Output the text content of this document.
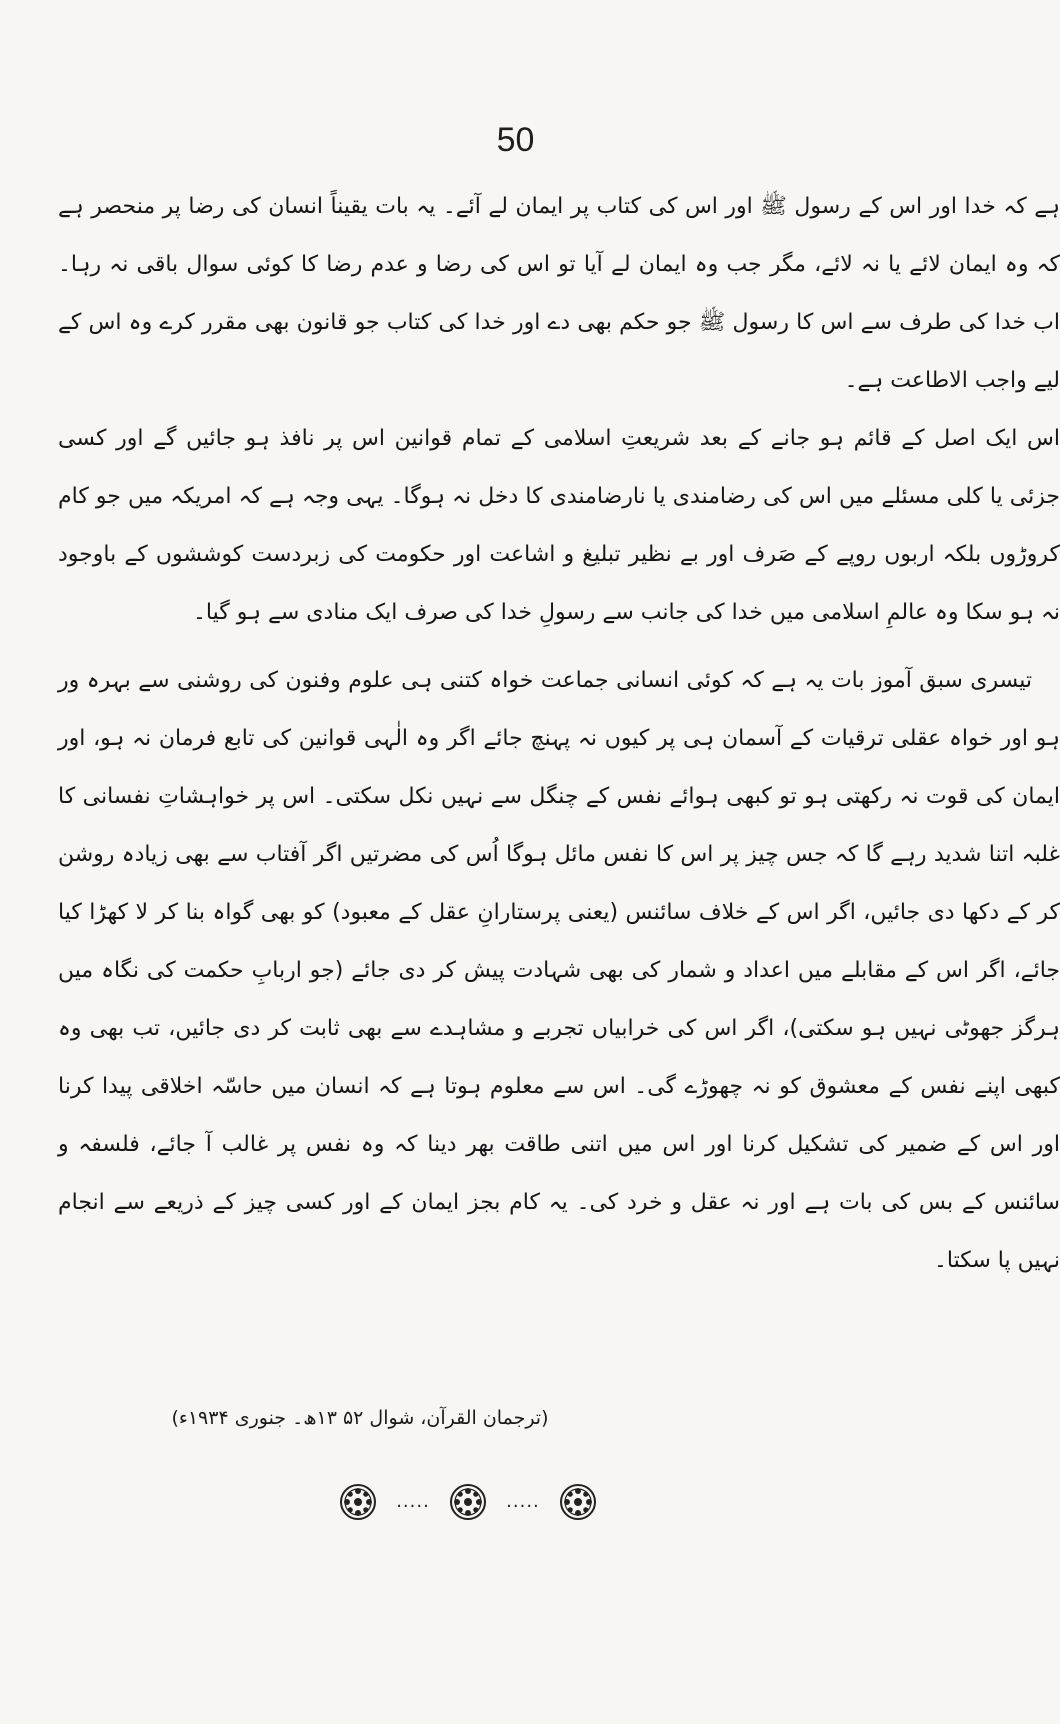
50

ہے کہ خدا اور اس کے رسول ﷺ اور اس کی کتاب پر ایمان لے آئے۔ یہ بات یقیناً انسان کی رضا پر منحصر ہے کہ وہ ایمان لائے یا نہ لائے، مگر جب وہ ایمان لے آیا تو اس کی رضا و عدم رضا کا کوئی سوال باقی نہ رہا۔ اب خدا کی طرف سے اس کا رسول ﷺ جو حکم بھی دے اور خدا کی کتاب جو قانون بھی مقرر کرے وہ اس کے لیے واجب الاطاعت ہے۔

اس ایک اصل کے قائم ہو جانے کے بعد شریعتِ اسلامی کے تمام قوانین اس پر نافذ ہو جائیں گے اور کسی جزئی یا کلی مسئلے میں اس کی رضامندی یا نارضامندی کا دخل نہ ہوگا۔ یہی وجہ ہے کہ امریکہ میں جو کام کروڑوں بلکہ اربوں روپے کے صَرف اور بے نظیر تبلیغ و اشاعت اور حکومت کی زبردست کوششوں کے باوجود نہ ہو سکا وہ عالمِ اسلامی میں خدا کی جانب سے رسولِ خدا کی صرف ایک منادی سے ہو گیا۔

تیسری سبق آموز بات یہ ہے کہ کوئی انسانی جماعت خواہ کتنی ہی علوم وفنون کی روشنی سے بہرہ ور ہو اور خواہ عقلی ترقیات کے آسمان ہی پر کیوں نہ پہنچ جائے اگر وہ الٰہی قوانین کی تابع فرمان نہ ہو، اور ایمان کی قوت نہ رکھتی ہو تو کبھی ہوائے نفس کے چنگل سے نہیں نکل سکتی۔ اس پر خواہشاتِ نفسانی کا غلبہ اتنا شدید رہے گا کہ جس چیز پر اس کا نفس مائل ہوگا اُس کی مضرتیں اگر آفتاب سے بھی زیادہ روشن کر کے دکھا دی جائیں، اگر اس کے خلاف سائنس (یعنی پرستارانِ عقل کے معبود) کو بھی گواہ بنا کر لا کھڑا کیا جائے، اگر اس کے مقابلے میں اعداد و شمار کی بھی شہادت پیش کر دی جائے (جو اربابِ حکمت کی نگاہ میں ہرگز جھوٹی نہیں ہو سکتی)، اگر اس کی خرابیاں تجربے و مشاہدے سے بھی ثابت کر دی جائیں، تب بھی وہ کبھی اپنے نفس کے معشوق کو نہ چھوڑے گی۔ اس سے معلوم ہوتا ہے کہ انسان میں حاسّہ اخلاقی پیدا کرنا اور اس کے ضمیر کی تشکیل کرنا اور اس میں اتنی طاقت بھر دینا کہ وہ نفس پر غالب آ جائے، فلسفہ و سائنس کے بس کی بات ہے اور نہ عقل و خرد کی۔ یہ کام بجز ایمان کے اور کسی چیز کے ذریعے سے انجام نہیں پا سکتا۔

(ترجمان القرآن، شوال ۵۲ ۱۳ھ۔ جنوری ۱۹۳۴ء)
.....	.....
